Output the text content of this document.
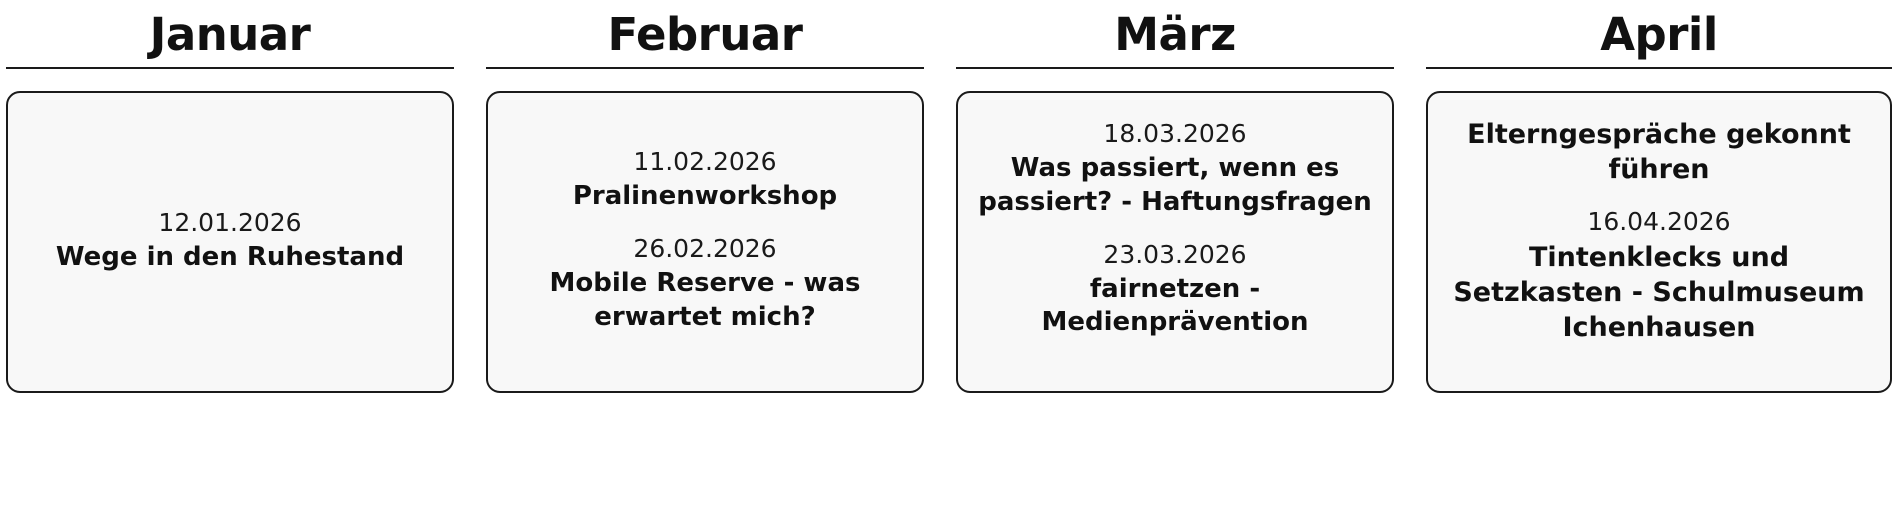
Januar
12.01.2026
Wege in den Ruhestand
Februar
11.02.2026
Pralinenworkshop
26.02.2026
Mobile Reserve - was erwartet mich?
März
18.03.2026
Was passiert, wenn es passiert? - Haftungsfragen
23.03.2026
fairnetzen - Medienprävention
April
Elterngespräche gekonnt führen
16.04.2026
Tintenklecks und Setzkasten - Schulmuseum Ichenhausen
